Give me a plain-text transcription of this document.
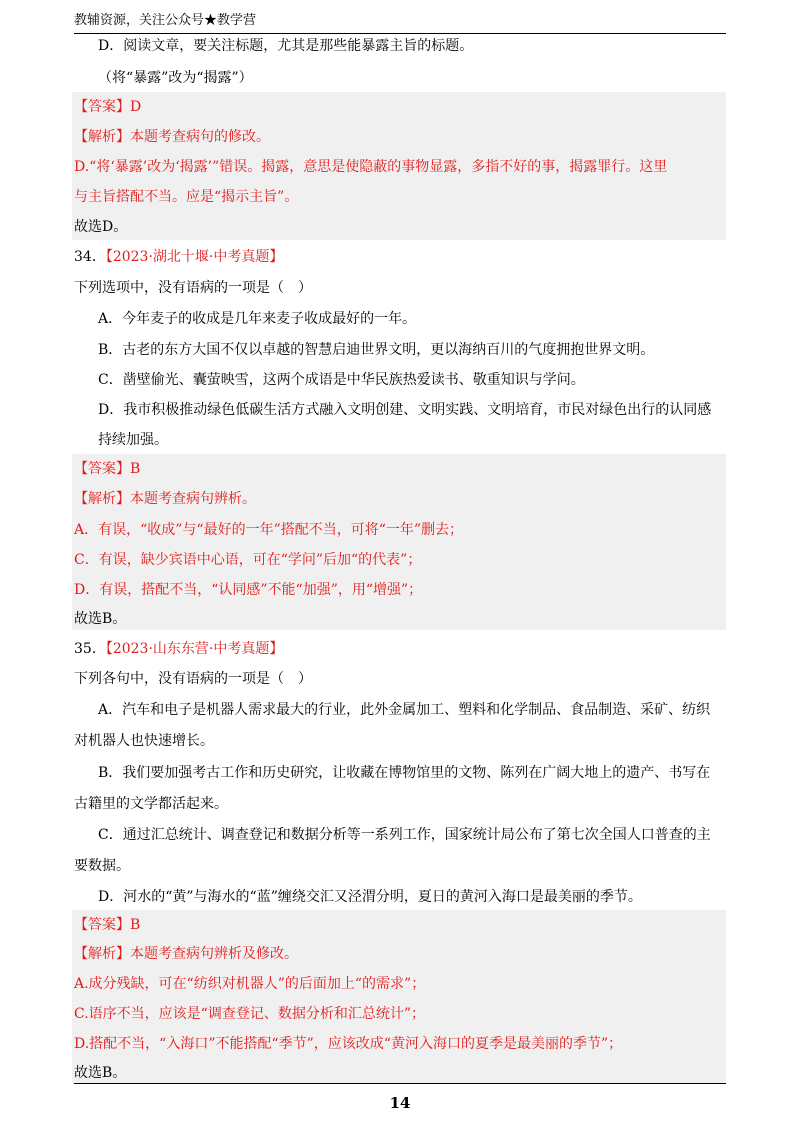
教辅资源，关注公众号★教学营
D．阅读文章，要关注标题，尤其是那些能暴露主旨的标题。
（将“暴露”改为“揭露”）
【答案】D
【解析】本题考查病句的修改。
D.“将‘暴露’改为‘揭露’”错误。揭露，意思是使隐蔽的事物显露，多指不好的事，揭露罪行。这里
与主旨搭配不当。应是“揭示主旨”。
故选D。
34．【2023·湖北十堰·中考真题】
下列选项中，没有语病的一项是（　）
A．今年麦子的收成是几年来麦子收成最好的一年。
B．古老的东方大国不仅以卓越的智慧启迪世界文明，更以海纳百川的气度拥抱世界文明。
C．凿壁偷光、囊萤映雪，这两个成语是中华民族热爱读书、敬重知识与学问。
D．我市积极推动绿色低碳生活方式融入文明创建、文明实践、文明培育，市民对绿色出行的认同感
持续加强。
【答案】B
【解析】本题考查病句辨析。
A．有误，“收成”与“最好的一年”搭配不当，可将“一年”删去；
C．有误，缺少宾语中心语，可在“学问”后加“的代表”；
D．有误，搭配不当，“认同感”不能“加强”，用“增强”；
故选B。
35．【2023·山东东营·中考真题】
下列各句中，没有语病的一项是（　）
A．汽车和电子是机器人需求最大的行业，此外金属加工、塑料和化学制品、食品制造、采矿、纺织
对机器人也快速增长。
B．我们要加强考古工作和历史研究，让收藏在博物馆里的文物、陈列在广阔大地上的遗产、书写在
古籍里的文学都活起来。
C．通过汇总统计、调查登记和数据分析等一系列工作，国家统计局公布了第七次全国人口普查的主
要数据。
D．河水的“黄”与海水的“蓝”缠绕交汇又泾渭分明，夏日的黄河入海口是最美丽的季节。
【答案】B
【解析】本题考查病句辨析及修改。
A.成分残缺，可在“纺织对机器人”的后面加上“的需求”；
C.语序不当，应该是“调查登记、数据分析和汇总统计”；
D.搭配不当，“入海口”不能搭配“季节”，应该改成“黄河入海口的夏季是最美丽的季节”；
故选B。
14
